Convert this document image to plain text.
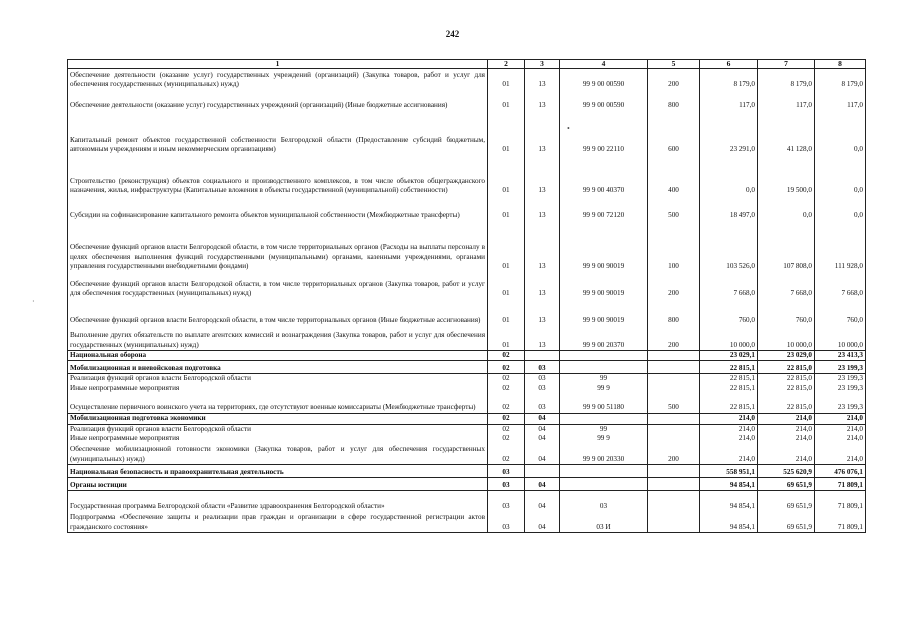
242
1	2	3	4	5	6	7	8
Обеспечение деятельности (оказание услуг) государственных учреждений (организаций) (Закупка товаров, работ и услуг для обеспечения государственных (муниципальных) нужд)	01	13	99 9 00 00590	200	8 179,0	8 179,0	8 179,0
Обеспечение деятельности (оказание услуг) государственных учреждений (организаций) (Иные бюджетные ассигнования)	01	13	99 9 00 00590	800	117,0	117,0	117,0
Капитальный ремонт объектов государственной собственности Белгородской области (Предоставление субсидий бюджетным, автономным учреждениям и иным некоммерческим организациям)	01	13	99 9 00 22110	600	23 291,0	41 128,0	0,0
Строительство (реконструкция) объектов социального и производственного комплексов, в том числе объектов общегражданского назначения, жилья, инфраструктуры (Капитальные вложения в объекты государственной (муниципальной) собственности)	01	13	99 9 00 40370	400	0,0	19 500,0	0,0
Субсидии на софинансирование капитального ремонта объектов муниципальной собственности (Межбюджетные трансферты)	01	13	99 9 00 72120	500	18 497,0	0,0	0,0
Обеспечение функций органов власти Белгородской области, в том числе территориальных органов (Расходы на выплаты персоналу в целях обеспечения выполнения функций государственными (муниципальными) органами, казенными учреждениями, органами управления государственными внебюджетными фондами)	01	13	99 9 00 90019	100	103 526,0	107 808,0	111 928,0
Обеспечение функций органов власти Белгородской области, в том числе территориальных органов (Закупка товаров, работ и услуг для обеспечения государственных (муниципальных) нужд)	01	13	99 9 00 90019	200	7 668,0	7 668,0	7 668,0
Обеспечение функций органов власти Белгородской области, в том числе территориальных органов (Иные бюджетные ассигнования)	01	13	99 9 00 90019	800	760,0	760,0	760,0
Выполнение других обязательств по выплате агентских комиссий и вознаграждения (Закупка товаров, работ и услуг для обеспечения государственных (муниципальных) нужд)	01	13	99 9 00 20370	200	10 000,0	10 000,0	10 000,0
Национальная оборона	02				23 029,1	23 029,0	23 413,3
Мобилизационная и вневойсковая подготовка	02	03			22 815,1	22 815,0	23 199,3
Реализация функций органов власти Белгородской области	02	03	99		22 815,1	22 815,0	23 199,3
Иные непрограммные мероприятия	02	03	99 9		22 815,1	22 815,0	23 199,3
Осуществление первичного воинского учета на территориях, где отсутствуют военные комиссариаты (Межбюджетные трансферты)	02	03	99 9 00 51180	500	22 815,1	22 815,0	23 199,3
Мобилизационная подготовка экономики	02	04			214,0	214,0	214,0
Реализация функций органов власти Белгородской области	02	04	99		214,0	214,0	214,0
Иные непрограммные мероприятия	02	04	99 9		214,0	214,0	214,0
Обеспечение мобилизационной готовности экономики (Закупка товаров, работ и услуг для обеспечения государственных (муниципальных) нужд)	02	04	99 9 00 20330	200	214,0	214,0	214,0
Национальная безопасность и правоохранительная деятельность	03				558 951,1	525 620,9	476 076,1
Органы юстиции	03	04			94 854,1	69 651,9	71 809,1
Государственная программа Белгородской области «Развитие здравоохранения Белгородской области»	03	04	03		94 854,1	69 651,9	71 809,1
Подпрограмма «Обеспечение защиты и реализации прав граждан и организации в сфере государственной регистрации актов гражданского состояния»	03	04	03 И		94 854,1	69 651,9	71 809,1
•
·
